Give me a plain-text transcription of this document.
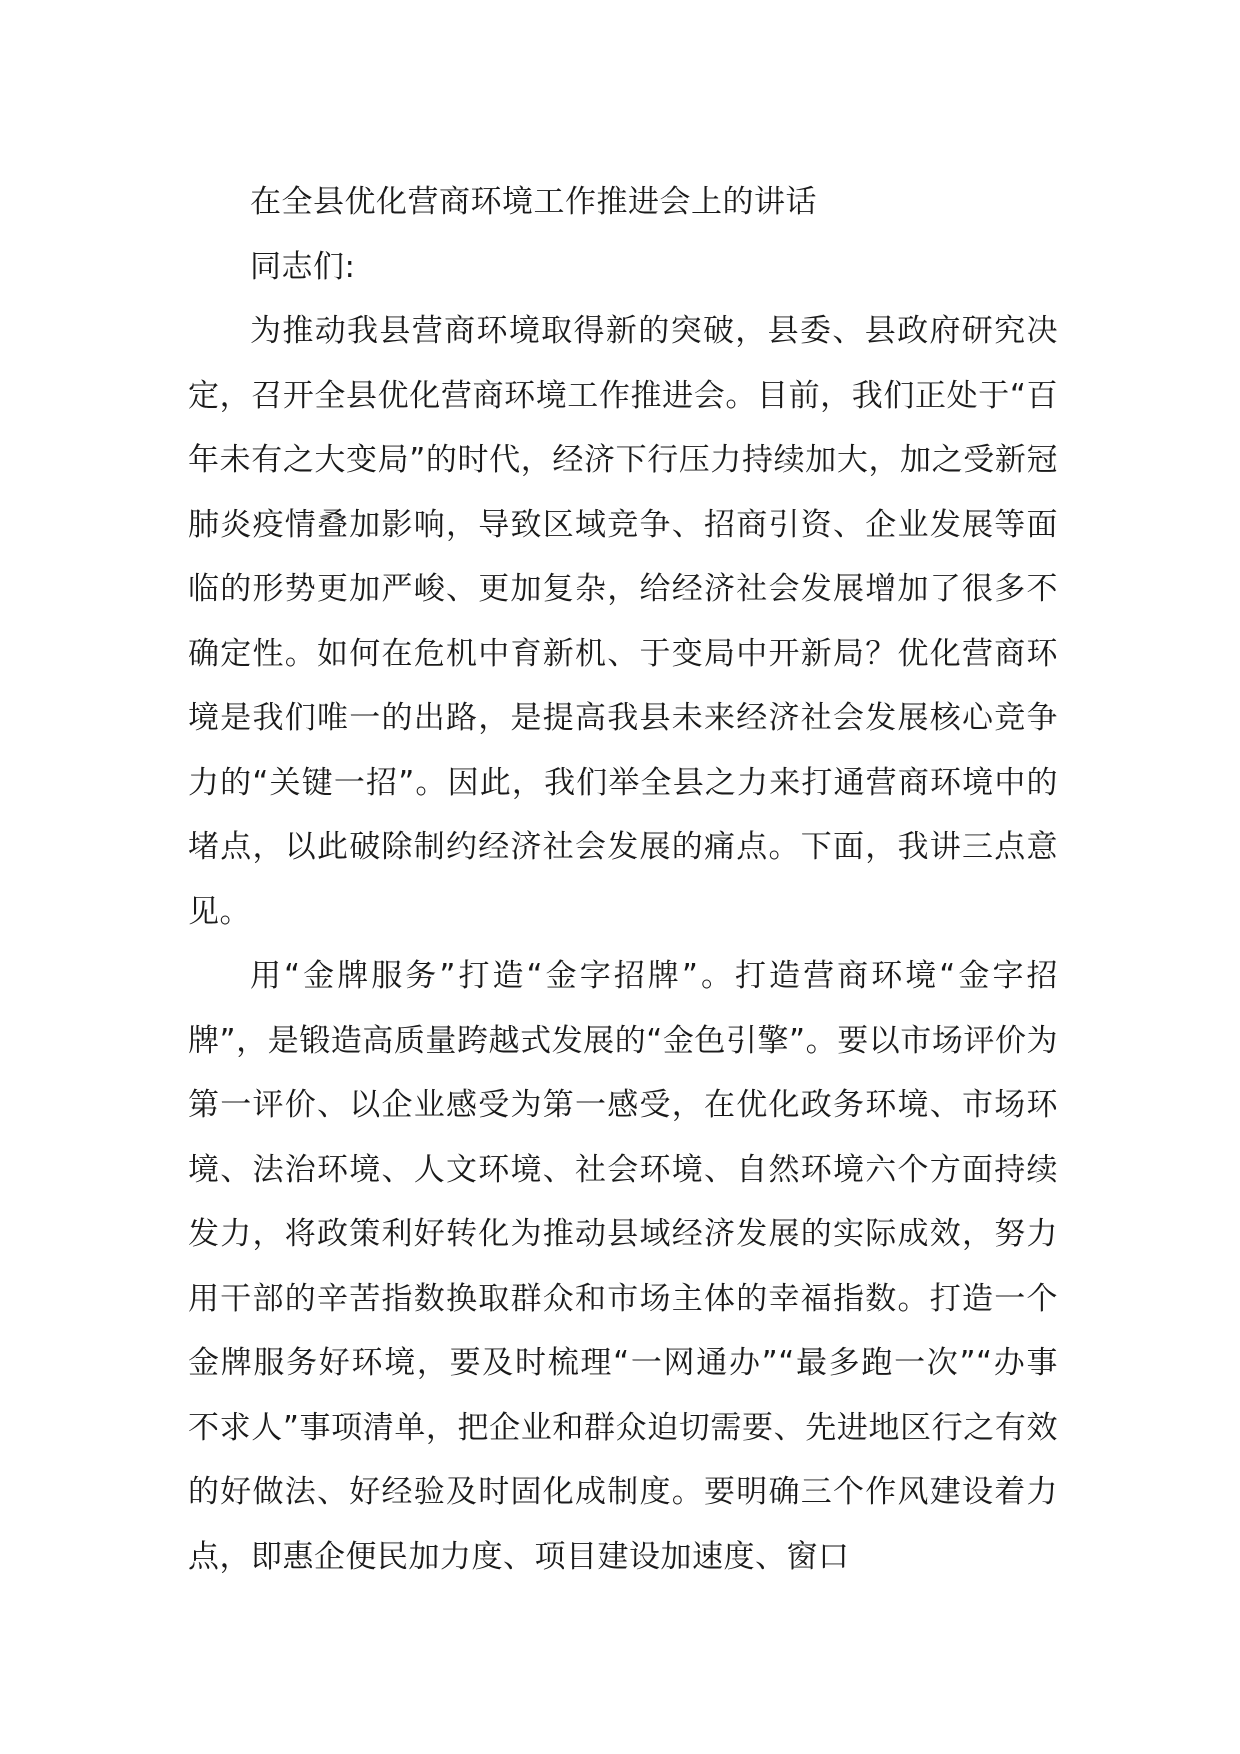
在全县优化营商环境工作推进会上的讲话

同志们:

为推动我县营商环境取得新的突破，县委、县政府研究决定，召开全县优化营商环境工作推进会。目前，我们正处于“百年未有之大变局”的时代，经济下行压力持续加大，加之受新冠肺炎疫情叠加影响，导致区域竞争、招商引资、企业发展等面临的形势更加严峻、更加复杂，给经济社会发展增加了很多不确定性。如何在危机中育新机、于变局中开新局？优化营商环境是我们唯一的出路，是提高我县未来经济社会发展核心竞争力的“关键一招”。因此，我们举全县之力来打通营商环境中的堵点，以此破除制约经济社会发展的痛点。下面，我讲三点意见。

用“金牌服务”打造“金字招牌”。打造营商环境“金字招牌”，是锻造高质量跨越式发展的“金色引擎”。要以市场评价为第一评价、以企业感受为第一感受，在优化政务环境、市场环境、法治环境、人文环境、社会环境、自然环境六个方面持续发力，将政策利好转化为推动县域经济发展的实际成效，努力用干部的辛苦指数换取群众和市场主体的幸福指数。打造一个金牌服务好环境，要及时梳理“一网通办”“最多跑一次”“办事不求人”事项清单，把企业和群众迫切需要、先进地区行之有效的好做法、好经验及时固化成制度。要明确三个作风建设着力点，即惠企便民加力度、项目建设加速度、窗口
